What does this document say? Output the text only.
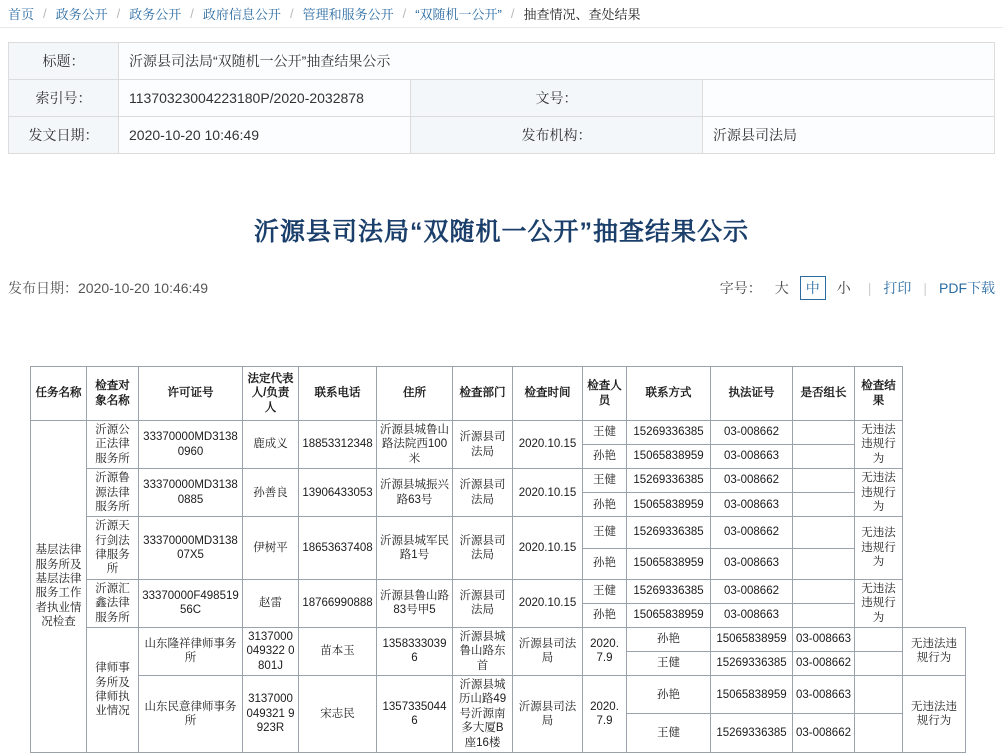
首页 / 政务公开 / 政务公开 / 政府信息公开 / 管理和服务公开 / “双随机一公开” / 抽查情况、查处结果
标题：	沂源县司法局“双随机一公开”抽查结果公示		
索引号：	11370323004223180P/2020-2032878	文号：	
发文日期：	2020-10-20 10:46:49	发布机构：	沂源县司法局
沂源县司法局“双随机一公开”抽查结果公示
发布日期：2020-10-20 10:46:49	字号： 大	中	小	| 打印 | PDF下载
任务名称	检查对象名称	许可证号	法定代表人/负责人	联系电话	住所	检查部门	检查时间	检查人员	联系方式	执法证号	是否组长	检查结果	
基层法律服务所及基层法律服务工作者执业情况检查	沂源公正法律服务所	33370000MD31380960	鹿成义	18853312348	沂源县城鲁山路法院西100米	沂源县司法局	2020.10.15	王健	15269336385	03-008662		无违法违规行为	
								孙艳	15065838959	03-008663			
	沂源鲁源法律服务所	33370000MD31380885	孙善良	13906433053	沂源县城振兴路63号	沂源县司法局	2020.10.15	王健	15269336385	03-008662		无违法违规行为	
								孙艳	15065838959	03-008663			
	沂源天行剑法律服务所	33370000MD313807X5	伊树平	18653637408	沂源县城军民路1号	沂源县司法局	2020.10.15	王健	15269336385	03-008662		无违法违规行为	
								孙艳	15065838959	03-008663			
	沂源汇鑫法律服务所	33370000F49851956C	赵雷	18766990888	沂源县鲁山路83号甲5	沂源县司法局	2020.10.15	王健	15269336385	03-008662		无违法违规行为	
								孙艳	15065838959	03-008663			
	律师事务所及律师执业情况	山东隆祥律师事务所	3137000049322 0801J	苗本玉	13583330396	沂源县城鲁山路东首	沂源县司法局	2020.7.9	孙艳	15065838959	03-008663		无违法违规行为
									王健	15269336385	03-008662		
		山东民意律师事务所	3137000049321 9923R	宋志民	13573350446	沂源县城历山路49号沂源南多大厦B座16楼	沂源县司法局	2020.7.9	孙艳	15065838959	03-008663		无违法违规行为
									王健	15269336385	03-008662		
